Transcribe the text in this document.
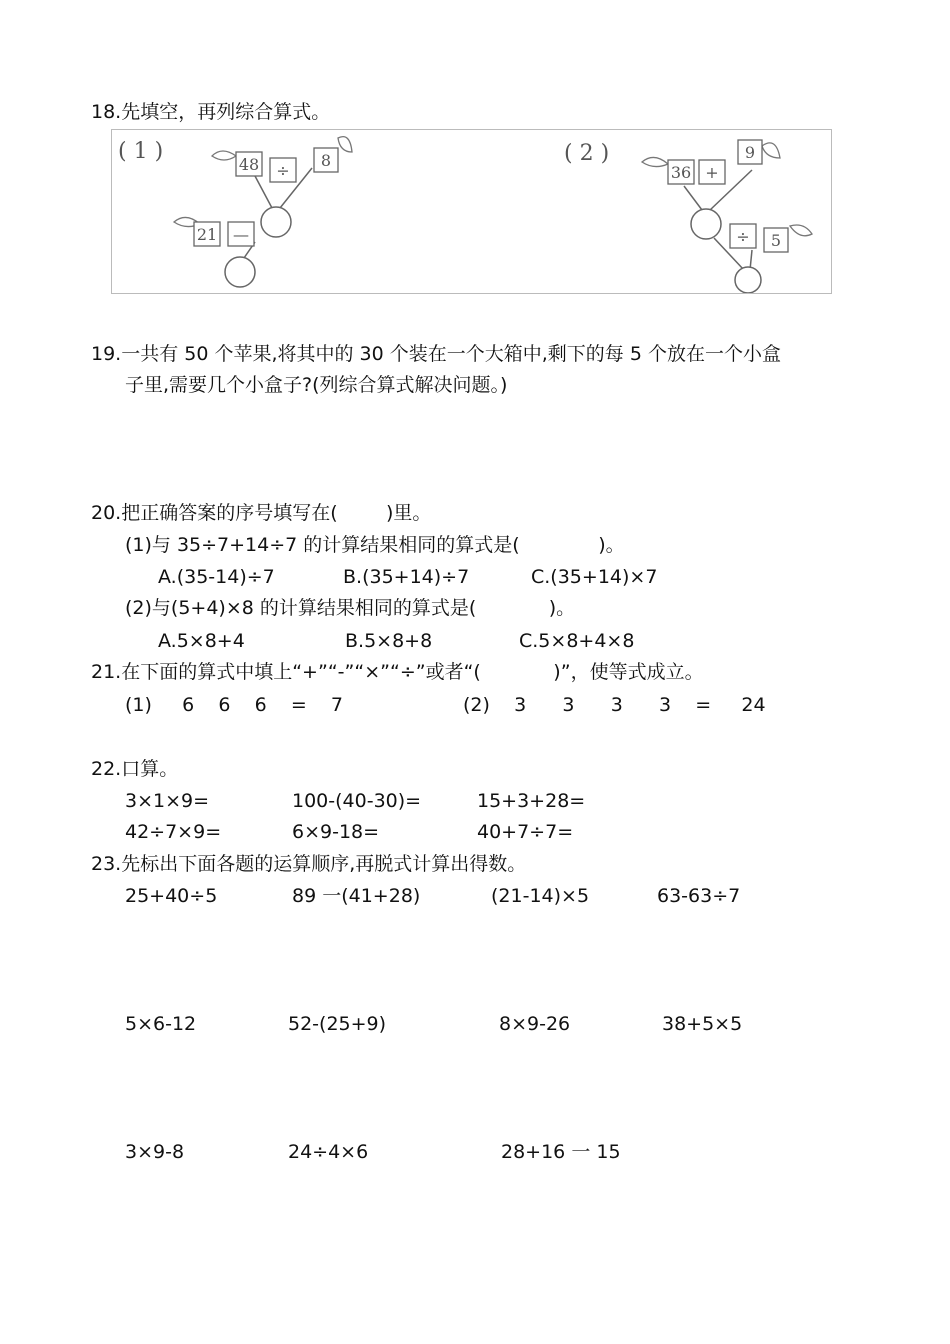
18.先填空，再列综合算式。
( 1 )
48 ÷
8
21 —
( 2 )
36 +
9
÷ 5
19.一共有 50 个苹果,将其中的 30 个装在一个大箱中,剩下的每 5 个放在一个小盒
子里,需要几个小盒子?(列综合算式解决问题。)
20.把正确答案的序号填写在(        )里。
(1)与 35÷7+14÷7 的计算结果相同的算式是(             )。
A.(35-14)÷7	B.(35+14)÷7	C.(35+14)×7
(2)与(5+4)×8 的计算结果相同的算式是(            )。
A.5×8+4	B.5×8+8	C.5×8+4×8
21.在下面的算式中填上“+”“-”“×”“÷”或者“(            )”，使等式成立。
(1)     6    6    6    =    7	(2)    3      3      3      3    =     24
22.口算。
3×1×9=	100-(40-30)=	15+3+28=
42÷7×9=	6×9-18=	40+7÷7=
23.先标出下面各题的运算顺序,再脱式计算出得数。
25+40÷5	89 一(41+28)	(21-14)×5	63-63÷7
5×6-12	52-(25+9)	8×9-26	38+5×5
3×9-8	24÷4×6	28+16 一 15
